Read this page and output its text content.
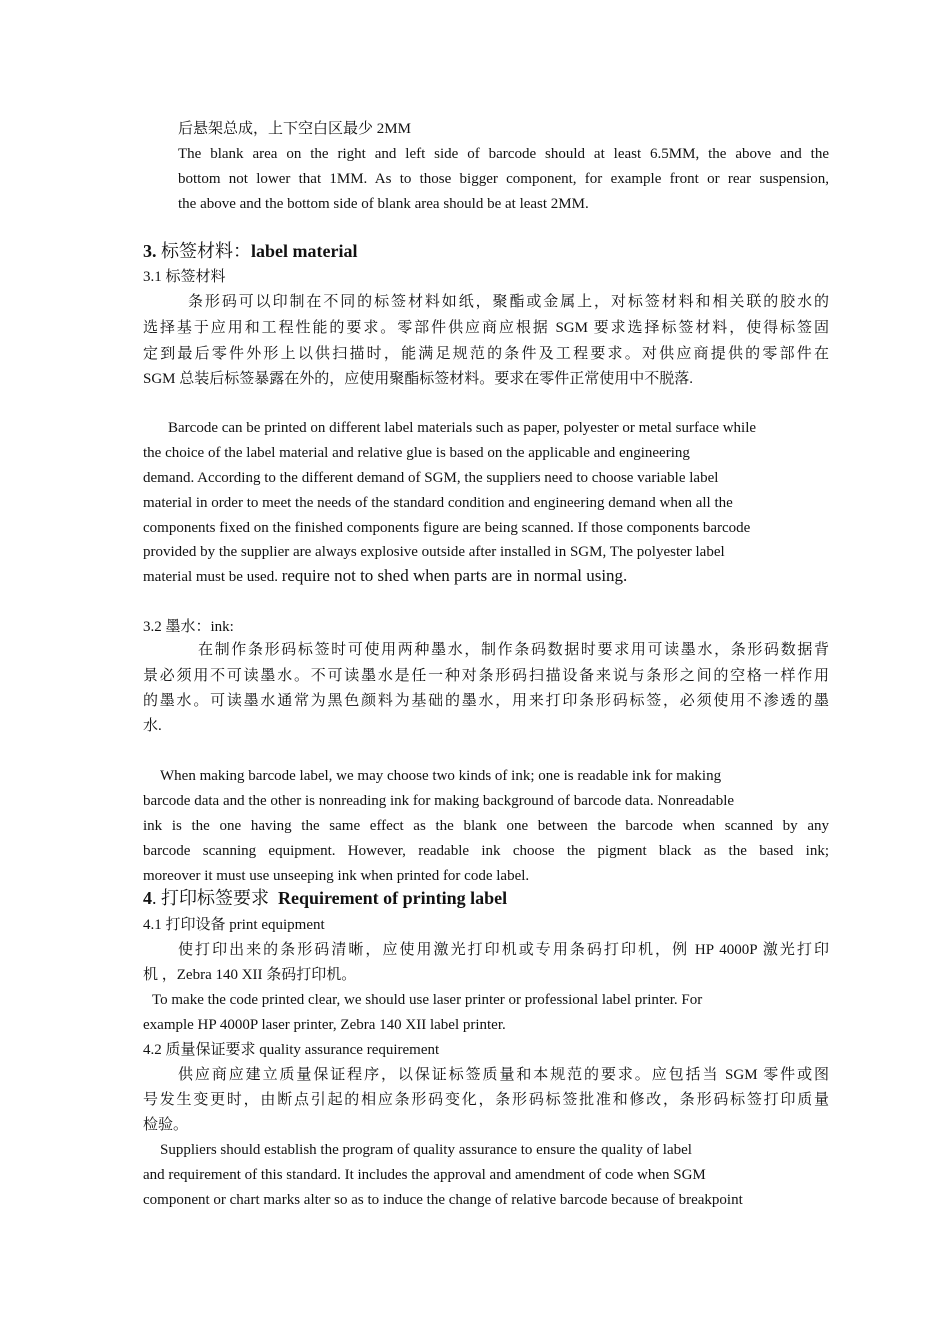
后悬架总成，上下空白区最少 2MM
The blank area on the right and left side of barcode should at least 6.5MM, the above and the
bottom not lower that 1MM. As to those bigger component, for example front or rear suspension,
the above and the bottom side of blank area should be at least 2MM.
3. 标签材料：label material
3.1 标签材料
条形码可以印制在不同的标签材料如纸，聚酯或金属上，对标签材料和相关联的胶水的
选择基于应用和工程性能的要求。零部件供应商应根据 SGM 要求选择标签材料，使得标签固
定到最后零件外形上以供扫描时，能满足规范的条件及工程要求。对供应商提供的零部件在
SGM 总装后标签暴露在外的，应使用聚酯标签材料。要求在零件正常使用中不脱落.
Barcode can be printed on different label materials such as paper, polyester or metal surface while
the choice of the label material and relative glue is based on the applicable and engineering
demand. According to the different demand of SGM, the suppliers need to choose variable label
material in order to meet the needs of the standard condition and engineering demand when all the
components fixed on the finished components figure are being scanned. If those components barcode
provided by the supplier are always explosive outside after installed in SGM, The polyester label
material must be used. require not to shed when parts are in normal using.
3.2 墨水：ink:
在制作条形码标签时可使用两种墨水，制作条码数据时要求用可读墨水，条形码数据背
景必须用不可读墨水。不可读墨水是任一种对条形码扫描设备来说与条形之间的空格一样作用
的墨水。可读墨水通常为黑色颜料为基础的墨水，用来打印条形码标签，必须使用不渗透的墨
水.
When making barcode label, we may choose two kinds of ink; one is readable ink for making
barcode data and the other is nonreading ink for making background of barcode data. Nonreadable
ink is the one having the same effect as the blank one between the barcode when scanned by any
barcode scanning equipment. However, readable ink choose the pigment black as the based ink;
moreover it must use unseeping ink when printed for code label.
4. 打印标签要求 Requirement of printing label
4.1 打印设备 print equipment
使打印出来的条形码清晰，应使用激光打印机或专用条码打印机，例 HP 4000P 激光打印
机 ，Zebra 140 XII 条码打印机。
To make the code printed clear, we should use laser printer or professional label printer. For
example HP 4000P laser printer, Zebra 140 XII label printer.
4.2 质量保证要求 quality assurance requirement
供应商应建立质量保证程序，以保证标签质量和本规范的要求。应包括当 SGM 零件或图
号发生变更时，由断点引起的相应条形码变化，条形码标签批准和修改，条形码标签打印质量
检验。
Suppliers should establish the program of quality assurance to ensure the quality of label
and requirement of this standard. It includes the approval and amendment of code when SGM
component or chart marks alter so as to induce the change of relative barcode because of breakpoint
